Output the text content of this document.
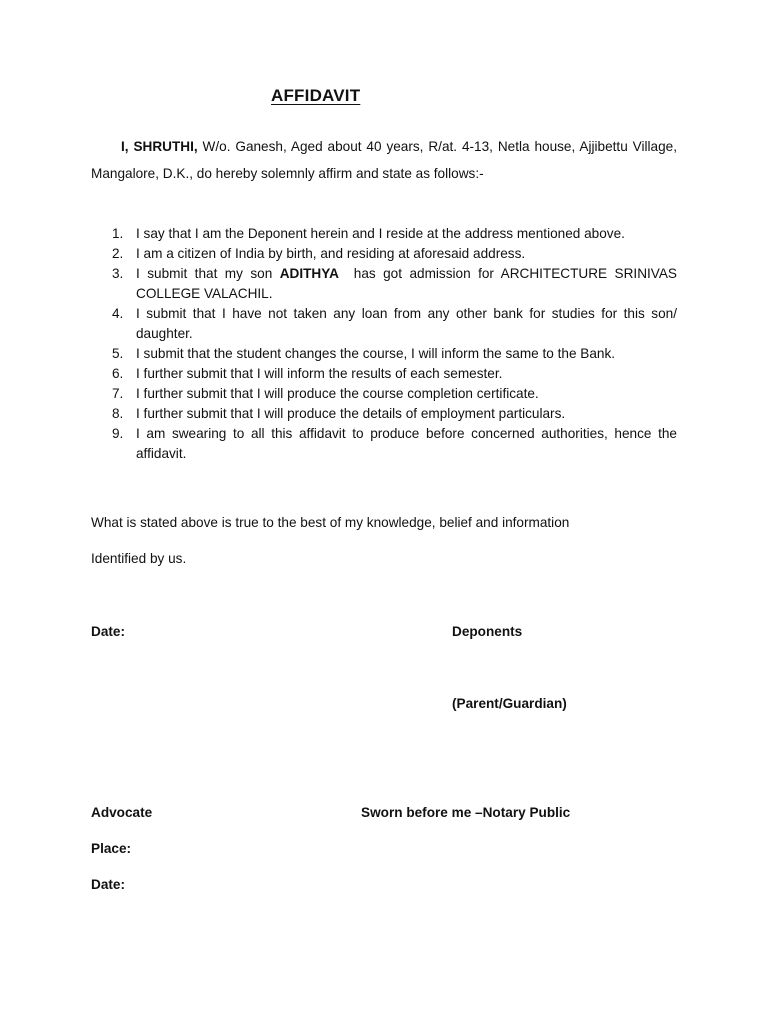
AFFIDAVIT
I, SHRUTHI, W/o. Ganesh, Aged about 40 years, R/at. 4-13, Netla house, Ajjibettu Village, Mangalore, D.K., do hereby solemnly affirm and state as follows:-
1. I say that I am the Deponent herein and I reside at the address mentioned above.
2. I am a citizen of India by birth, and residing at aforesaid address.
3. I submit that my son ADITHYA  has got admission for ARCHITECTURE SRINIVAS COLLEGE VALACHIL.
4. I submit that I have not taken any loan from any other bank for studies for this son/ daughter.
5. I submit that the student changes the course, I will inform the same to the Bank.
6. I further submit that I will inform the results of each semester.
7. I further submit that I will produce the course completion certificate.
8. I further submit that I will produce the details of employment particulars.
9. I am swearing to all this affidavit to produce before concerned authorities, hence the affidavit.
What is stated above is true to the best of my knowledge, belief and information
Identified by us.
Date:	Deponents
(Parent/Guardian)
Advocate	Sworn before me –Notary Public
Place:
Date:
